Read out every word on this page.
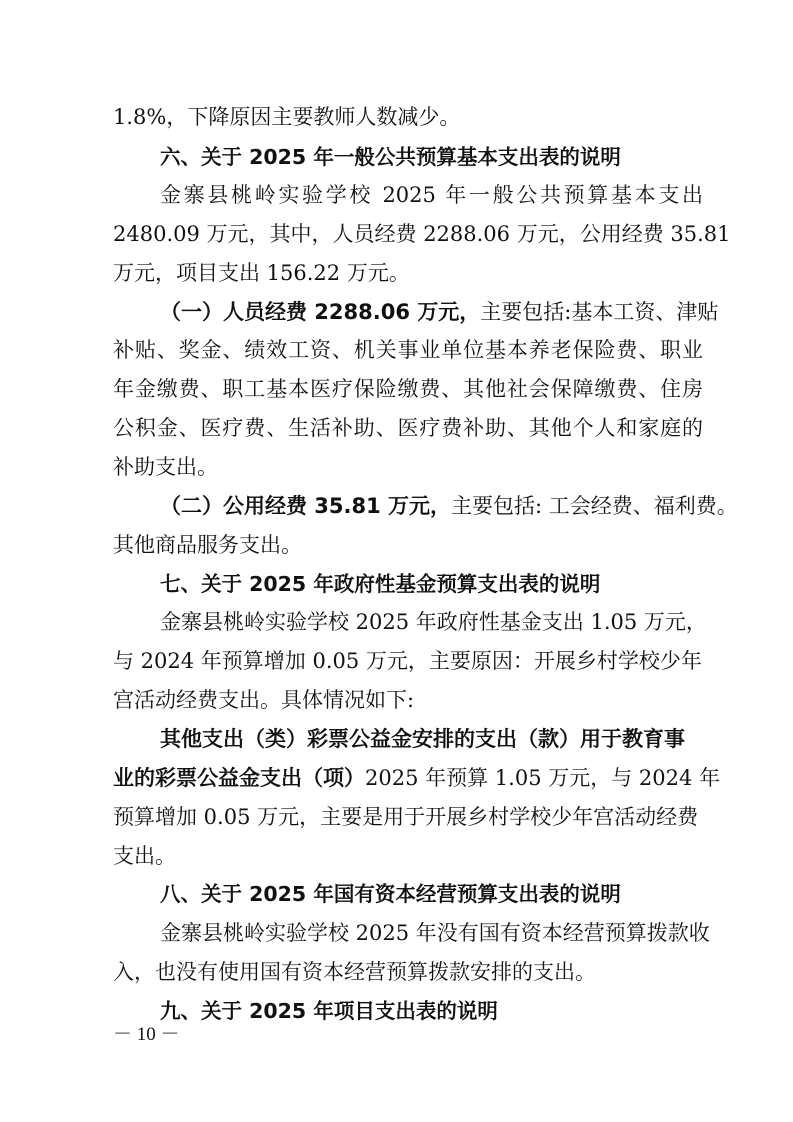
1.8%，下降原因主要教师人数减少。
六、关于 2025 年一般公共预算基本支出表的说明
金寨县桃岭实验学校 2025 年一般公共预算基本支出
2480.09 万元，其中，人员经费 2288.06 万元，公用经费 35.81
万元，项目支出 156.22 万元。
（一）人员经费 2288.06 万元，主要包括:基本工资、津贴
补贴、奖金、绩效工资、机关事业单位基本养老保险费、职业
年金缴费、职工基本医疗保险缴费、其他社会保障缴费、住房
公积金、医疗费、生活补助、医疗费补助、其他个人和家庭的
补助支出。
（二）公用经费 35.81 万元，主要包括: 工会经费、福利费。
其他商品服务支出。
七、关于 2025 年政府性基金预算支出表的说明
金寨县桃岭实验学校 2025 年政府性基金支出 1.05 万元，
与 2024 年预算增加 0.05 万元，主要原因：开展乡村学校少年
宫活动经费支出。具体情况如下:
其他支出（类）彩票公益金安排的支出（款）用于教育事
业的彩票公益金支出（项）2025 年预算 1.05 万元，与 2024 年
预算增加 0.05 万元，主要是用于开展乡村学校少年宫活动经费
支出。
八、关于 2025 年国有资本经营预算支出表的说明
金寨县桃岭实验学校 2025 年没有国有资本经营预算拨款收
入，也没有使用国有资本经营预算拨款安排的支出。
九、关于 2025 年项目支出表的说明
－ 10 －
